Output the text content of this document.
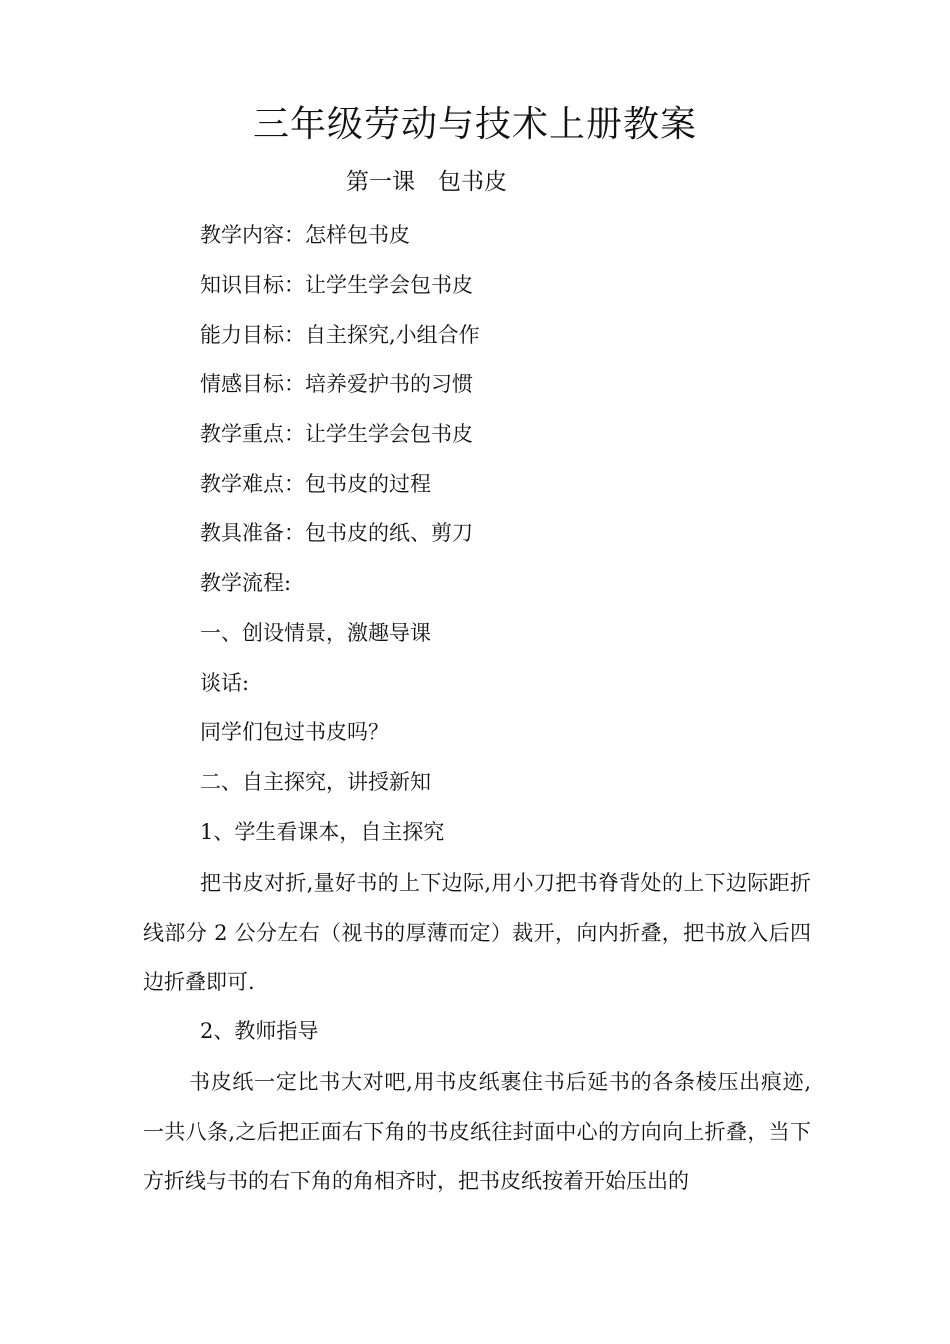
三年级劳动与技术上册教案
第一课　包书皮
教学内容：怎样包书皮
知识目标：让学生学会包书皮
能力目标：自主探究,小组合作
情感目标：培养爱护书的习惯
教学重点：让学生学会包书皮
教学难点：包书皮的过程
教具准备：包书皮的纸、剪刀
教学流程:
一、创设情景，激趣导课
谈话:
同学们包过书皮吗？
二、自主探究，讲授新知
1、学生看课本，自主探究
把书皮对折,量好书的上下边际,用小刀把书脊背处的上下边际距折线部分 2 公分左右（视书的厚薄而定）裁开，向内折叠，把书放入后四边折叠即可.
2、教师指导
书皮纸一定比书大对吧,用书皮纸裹住书后延书的各条棱压出痕迹,一共八条,之后把正面右下角的书皮纸往封面中心的方向向上折叠，当下方折线与书的右下角的角相齐时，把书皮纸按着开始压出的
